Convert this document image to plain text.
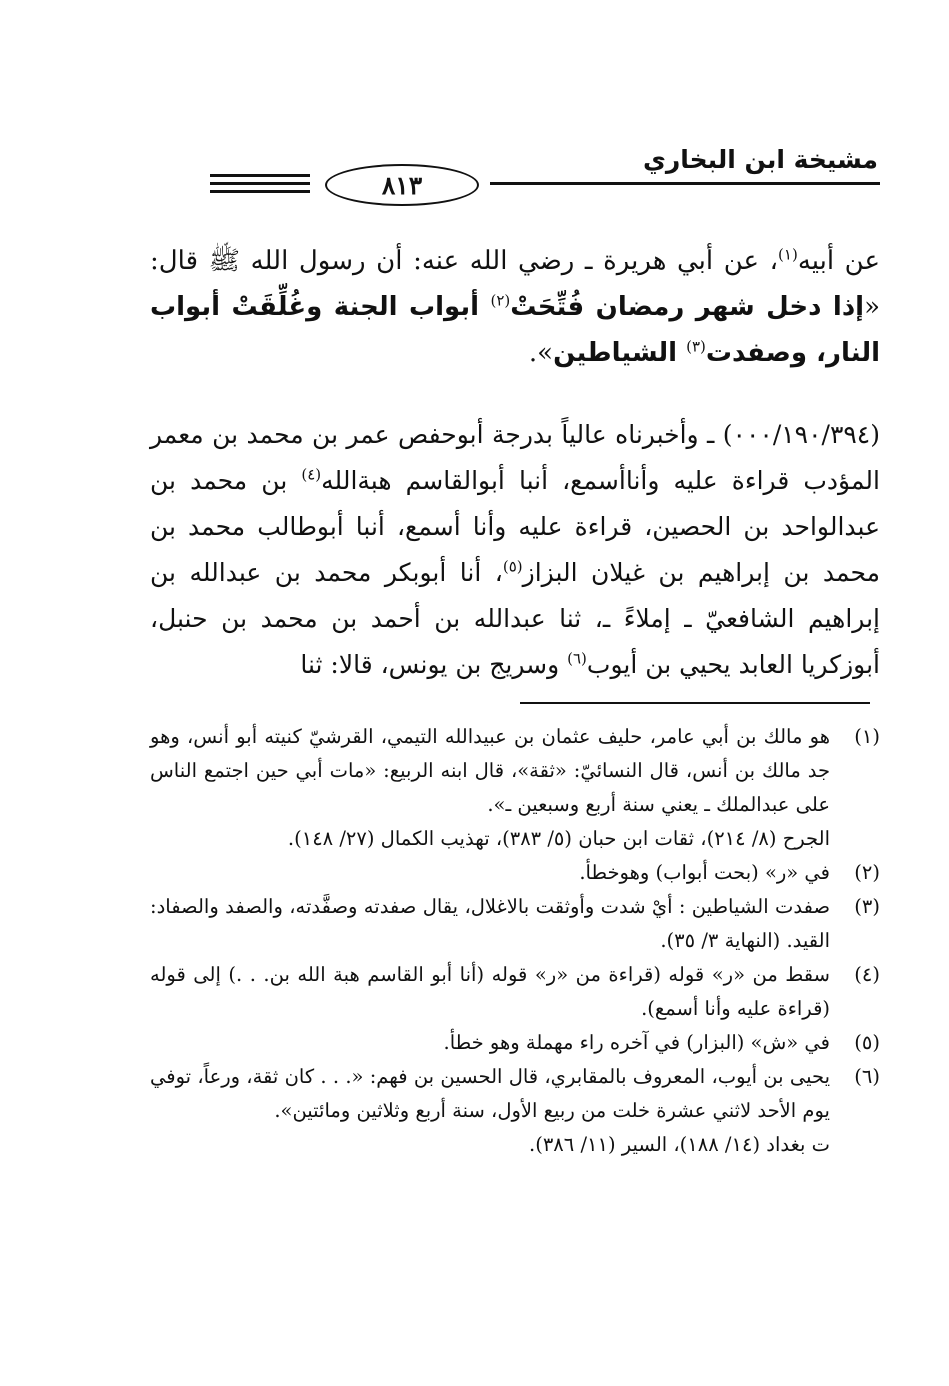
مشيخة ابن البخاري
٨١٣
عن أبيه$^{(١)}$، عن أبي هريرة ـ رضي الله عنه: أن رسول الله ﷺ قال: «إذا دخل شهر رمضان فُتِّحَتْ$^{(٢)}$ أبواب الجنة وغُلِّقَتْ أبواب النار، وصفدت$^{(٣)}$ الشياطين».

(٠٠٠/١٩٠/٣٩٤) ـ وأخبرناه عالياً بدرجة أبوحفص عمر بن محمد بن معمر المؤدب قراءة عليه وأناأسمع، أنبا أبوالقاسم هبةالله$^{(٤)}$ بن محمد بن عبدالواحد بن الحصين، قراءة عليه وأنا أسمع، أنبا أبوطالب محمد بن محمد بن إبراهيم بن غيلان البزاز$^{(٥)}$، أنا أبوبكر محمد بن عبدالله بن إبراهيم الشافعيّ ـ إملاءً ـ، ثنا عبدالله بن أحمد بن محمد بن حنبل، أبوزكريا العابد يحيي بن أيوب$^{(٦)}$ وسريج بن يونس، قالا: ثنا

(١)

هو مالك بن أبي عامر، حليف عثمان بن عبيدالله التيمي، القرشيّ كنيته أبو أنس، وهو جد مالك بن أنس، قال النسائيّ: «ثقة»، قال ابنه الربيع: «مات أبي حين اجتمع الناس على عبدالملك ـ يعني سنة أربع وسبعين ـ».

الجرح (٨/ ٢١٤)، ثقات ابن حبان (٥/ ٣٨٣)، تهذيب الكمال (٢٧/ ١٤٨).

(٢)

في «ر» (بحت أبواب) وهوخطأ.

(٣)

صفدت الشياطين : أيْ شدت وأوثقت بالاغلال، يقال صفدته وصفَّدته، والصفد والصفاد: القيد. (النهاية ٣/ ٣٥).

(٤)

سقط من «ر» قوله (قراءة من «ر» قوله (أنا أبو القاسم هبة الله بن. . .) إلى قوله (قراءة عليه وأنا أسمع).

(٥)

في «ش» (البزار) في آخره راء مهملة وهو خطأ.

(٦)

يحيى بن أيوب، المعروف بالمقابري، قال الحسين بن فهم: «. . . كان ثقة، ورعاً، توفي يوم الأحد لاثني عشرة خلت من ربيع الأول، سنة أربع وثلاثين ومائتين».

ت بغداد (١٤/ ١٨٨)، السير (١١/ ٣٨٦).
